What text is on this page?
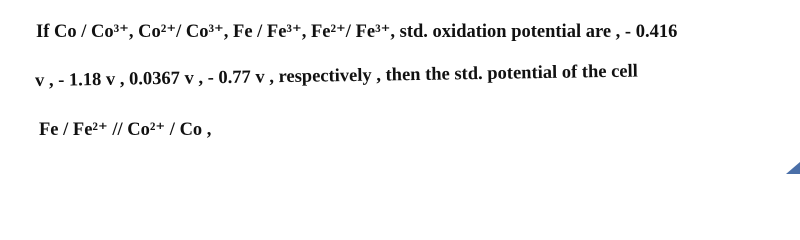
If Co / Co³⁺, Co²⁺/ Co³⁺, Fe / Fe³⁺, Fe²⁺/ Fe³⁺, std. oxidation potential are , - 0.416
v , - 1.18 v , 0.0367 v , - 0.77 v , respectively , then the std. potential of the cell
Fe / Fe²⁺ // Co²⁺ / Co ,
